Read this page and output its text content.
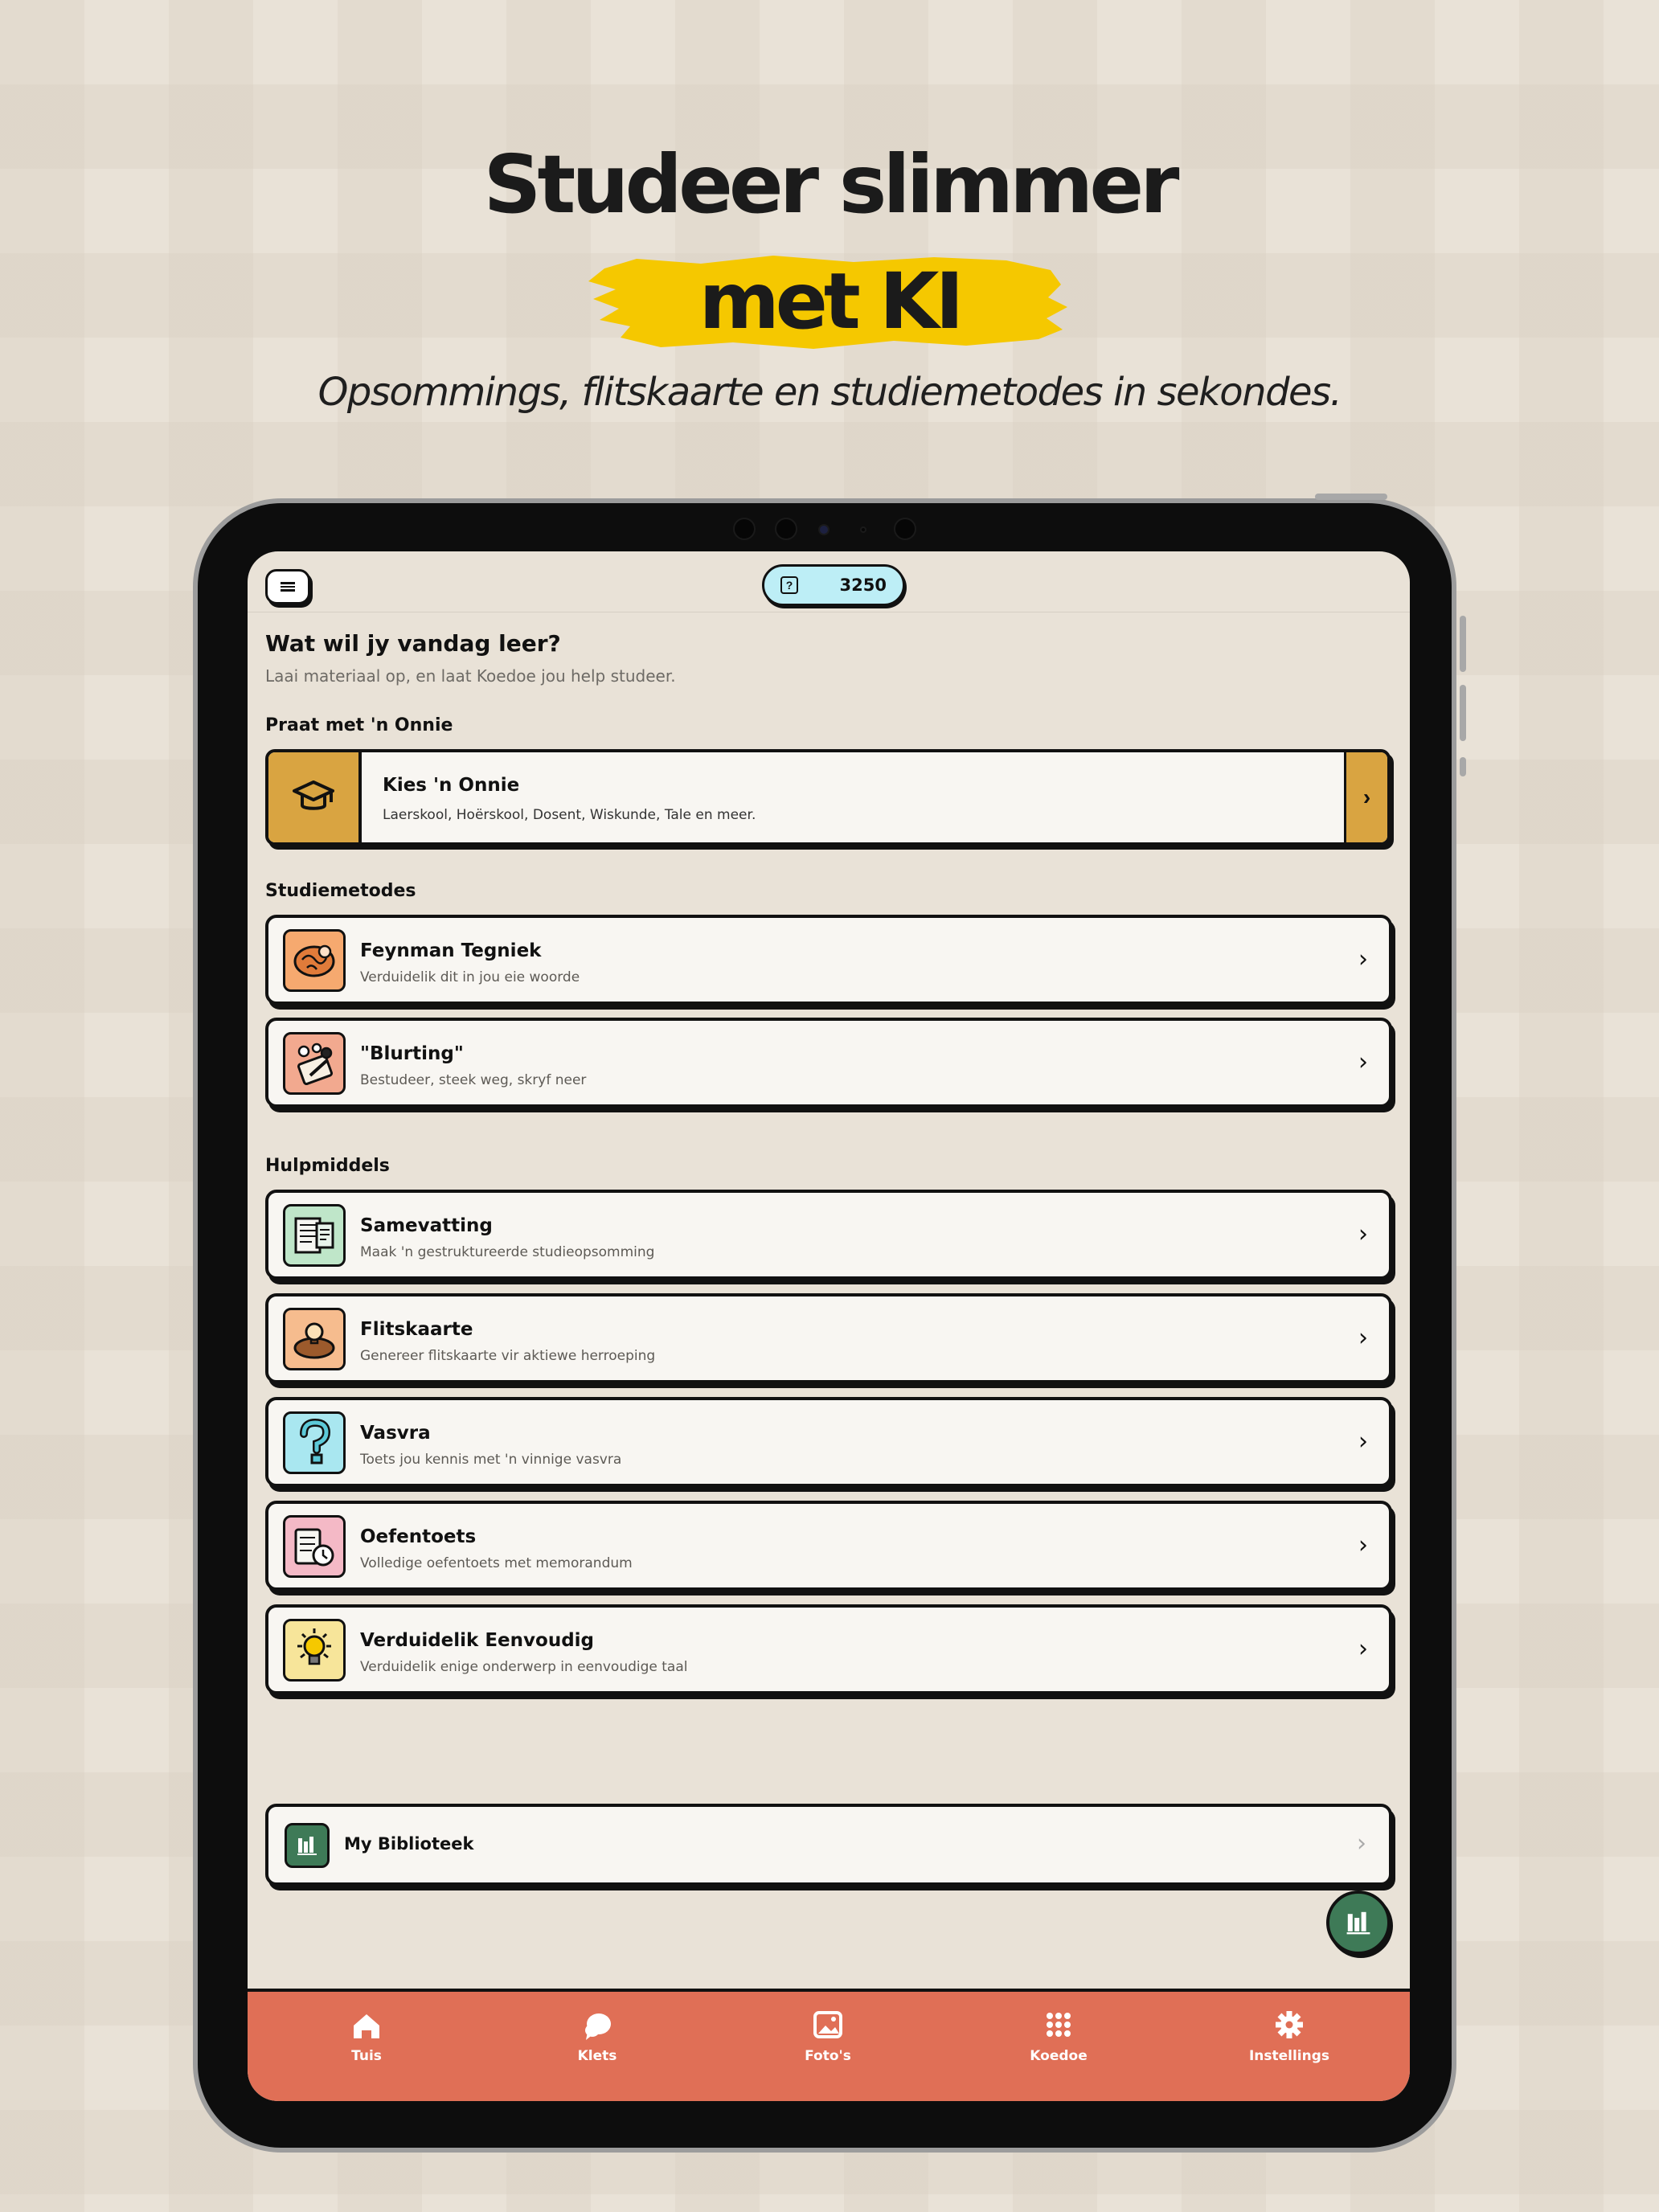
Studeer slimmer
met KI
Opsommings, flitskaarte en studiemetodes in sekondes.
?	3250
Wat wil jy vandag leer?
Laai materiaal op, en laat Koedoe jou help studeer.
Praat met 'n Onnie
Kies 'n Onnie
Laerskool, Hoërskool, Dosent, Wiskunde, Tale en meer.
›
Studiemetodes
Feynman Tegniek
Verduidelik dit in jou eie woorde
›
"Blurting"
Bestudeer, steek weg, skryf neer
›
Hulpmiddels
Samevatting
Maak 'n gestruktureerde studieopsomming
›
Flitskaarte
Genereer flitskaarte vir aktiewe herroeping
›
Vasvra
Toets jou kennis met 'n vinnige vasvra
›
Oefentoets
Volledige oefentoets met memorandum
›
Verduidelik Eenvoudig
Verduidelik enige onderwerp in eenvoudige taal
›
My Biblioteek	›
Tuis	Klets	Foto's	Koedoe	Instellings
